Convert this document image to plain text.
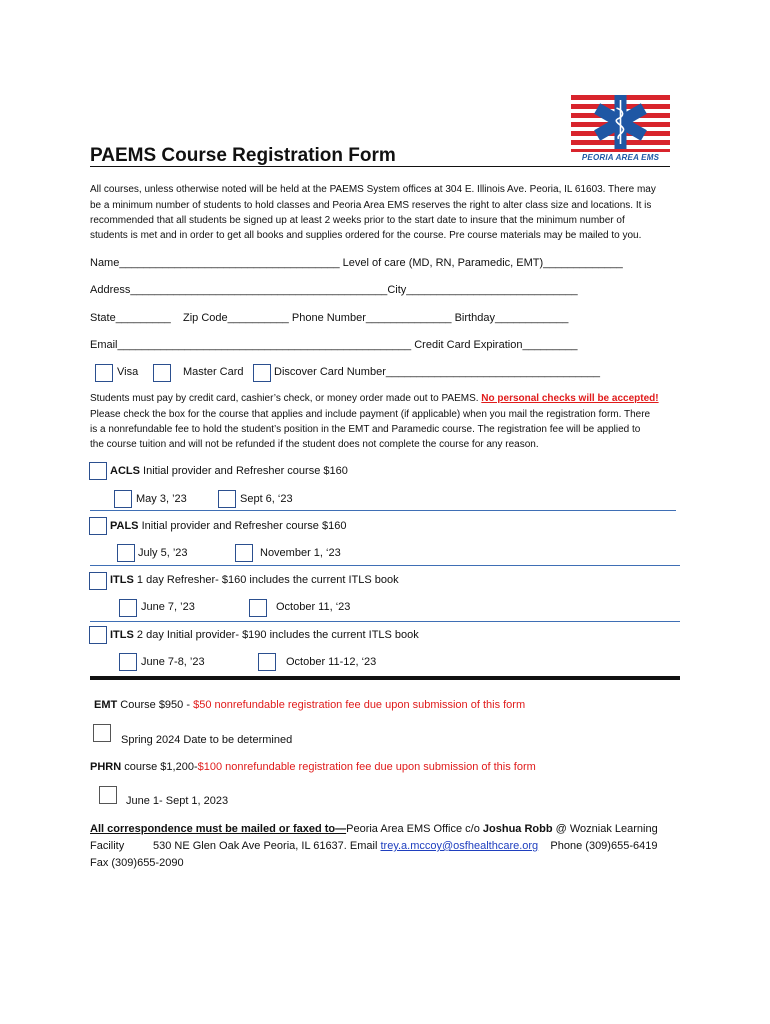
PEORIA AREA EMS
PAEMS Course Registration Form
All courses, unless otherwise noted will be held at the PAEMS System offices at 304 E. Illinois Ave. Peoria, IL 61603. There may
be a minimum number of students to hold classes and Peoria Area EMS reserves the right to alter class size and locations. It is
recommended that all students be signed up at least 2 weeks prior to the start date to insure that the minimum number of
students is met and in order to get all books and supplies ordered for the course. Pre course materials may be mailed to you.
Name____________________________________ Level of care (MD, RN, Paramedic, EMT)_____________
Address__________________________________________City____________________________
State_________ Zip Code__________ Phone Number______________ Birthday____________
Email________________________________________________ Credit Card Expiration_________
Visa	Master Card	Discover Card Number___________________________________
Students must pay by credit card, cashier’s check, or money order made out to PAEMS. No personal checks will be accepted!
Please check the box for the course that applies and include payment (if applicable) when you mail the registration form. There
is a nonrefundable fee to hold the student’s position in the EMT and Paramedic course. The registration fee will be applied to
the course tuition and will not be refunded if the student does not complete the course for any reason.
ACLS Initial provider and Refresher course $160
May 3, ’23	Sept 6, ‘23
PALS Initial provider and Refresher course $160
July 5, ’23	November 1, ‘23
ITLS 1 day Refresher- $160 includes the current ITLS book
June 7, ’23	October 11, ‘23
ITLS 2 day Initial provider- $190 includes the current ITLS book
June 7-8, ’23	October 11-12, ‘23
EMT Course $950 - $50 nonrefundable registration fee due upon submission of this form
Spring 2024 Date to be determined
PHRN course $1,200-$100 nonrefundable registration fee due upon submission of this form
June 1- Sept 1, 2023
All correspondence must be mailed or faxed to—Peoria Area EMS Office c/o Joshua Robb @ Wozniak Learning
Facility	530 NE Glen Oak Ave Peoria, IL 61637. Email trey.a.mccoy@osfhealthcare.org Phone (309)655-6419
Fax (309)655-2090
